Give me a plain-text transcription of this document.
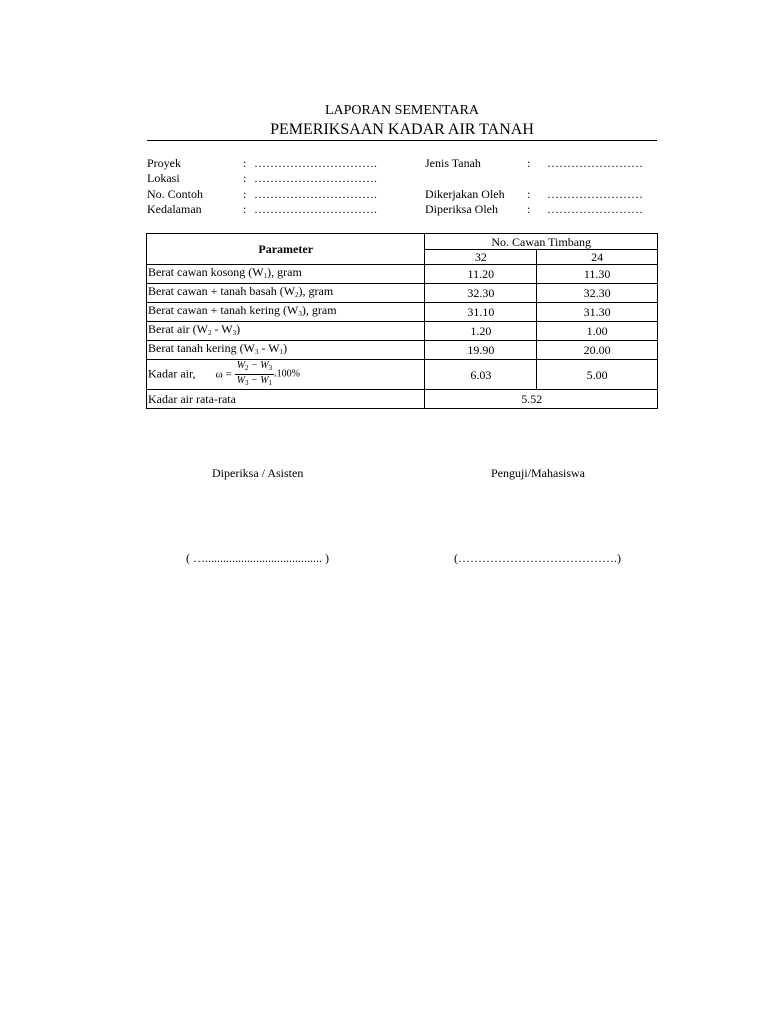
LAPORAN SEMENTARA
PEMERIKSAAN KADAR AIR TANAH
Proyek	: ………………………….
Lokasi	: ………………………….
No. Contoh	: ………………………….
Kedalaman	: ………………………….
Jenis Tanah	: ……………………
Dikerjakan Oleh : ……………………
Diperiksa Oleh : ……………………
Parameter	No. Cawan Timbang	
	32	24
Berat cawan kosong $(W_1)$, gram	11.20	11.30
Berat cawan + tanah basah $(W_2)$, gram	32.30	32.30
Berat cawan + tanah kering $(W_3)$, gram	31.10	31.30
Berat air $(W_2 - W_3)$	1.20	1.00
Berat tanah kering $(W_3 - W_1)$	19.90	20.00
Kadar air, $\omega = \frac{W_2 - W_3}{W_3 - W_1} .100\%$	6.03	5.00
Kadar air rata-rata	5.52	
Diperiksa / Asisten	Penguji/Mahasiswa
( …....................................... )	(………………………………….)
